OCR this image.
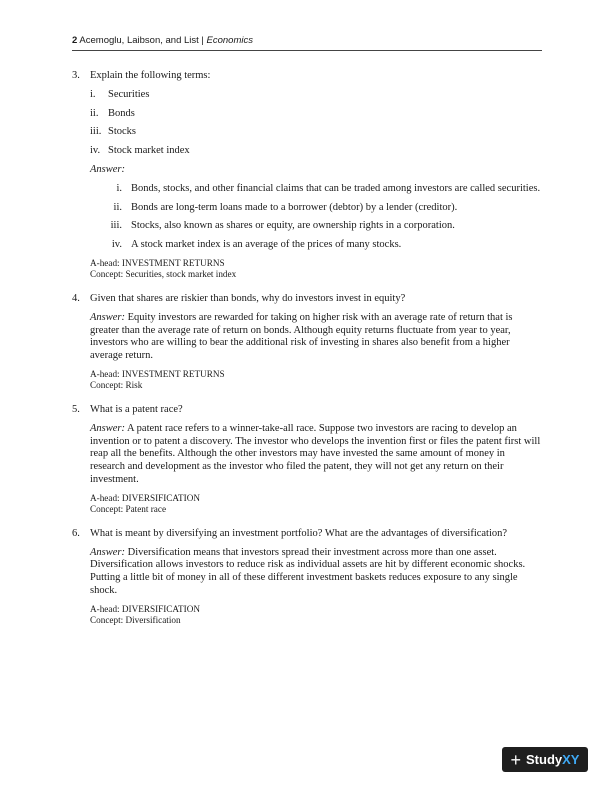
2 Acemoglu, Laibson, and List | Economics
3. Explain the following terms:

i. Securities

ii. Bonds

iii. Stocks

iv. Stock market index

Answer:

i. Bonds, stocks, and other financial claims that can be traded among investors are called securities.

ii. Bonds are long-term loans made to a borrower (debtor) by a lender (creditor).

iii. Stocks, also known as shares or equity, are ownership rights in a corporation.

iv. A stock market index is an average of the prices of many stocks.

A-head: INVESTMENT RETURNS

Concept: Securities, stock market index

4. Given that shares are riskier than bonds, why do investors invest in equity?

Answer: Equity investors are rewarded for taking on higher risk with an average rate of return that is greater than the average rate of return on bonds. Although equity returns fluctuate from year to year, investors who are willing to bear the additional risk of investing in shares also benefit from a higher average return.

A-head: INVESTMENT RETURNS

Concept: Risk

5. What is a patent race?

Answer: A patent race refers to a winner-take-all race. Suppose two investors are racing to develop an invention or to patent a discovery. The investor who develops the invention first or files the patent first will reap all the benefits. Although the other investors may have invested the same amount of money in research and development as the investor who filed the patent, they will not get any return on their investment.

A-head: DIVERSIFICATION

Concept: Patent race

6. What is meant by diversifying an investment portfolio? What are the advantages of diversification?

Answer: Diversification means that investors spread their investment across more than one asset. Diversification allows investors to reduce risk as individual assets are hit by different economic shocks. Putting a little bit of money in all of these different investment baskets reduces exposure to any single shock.

A-head: DIVERSIFICATION

Concept: Diversification

+ StudyXY
